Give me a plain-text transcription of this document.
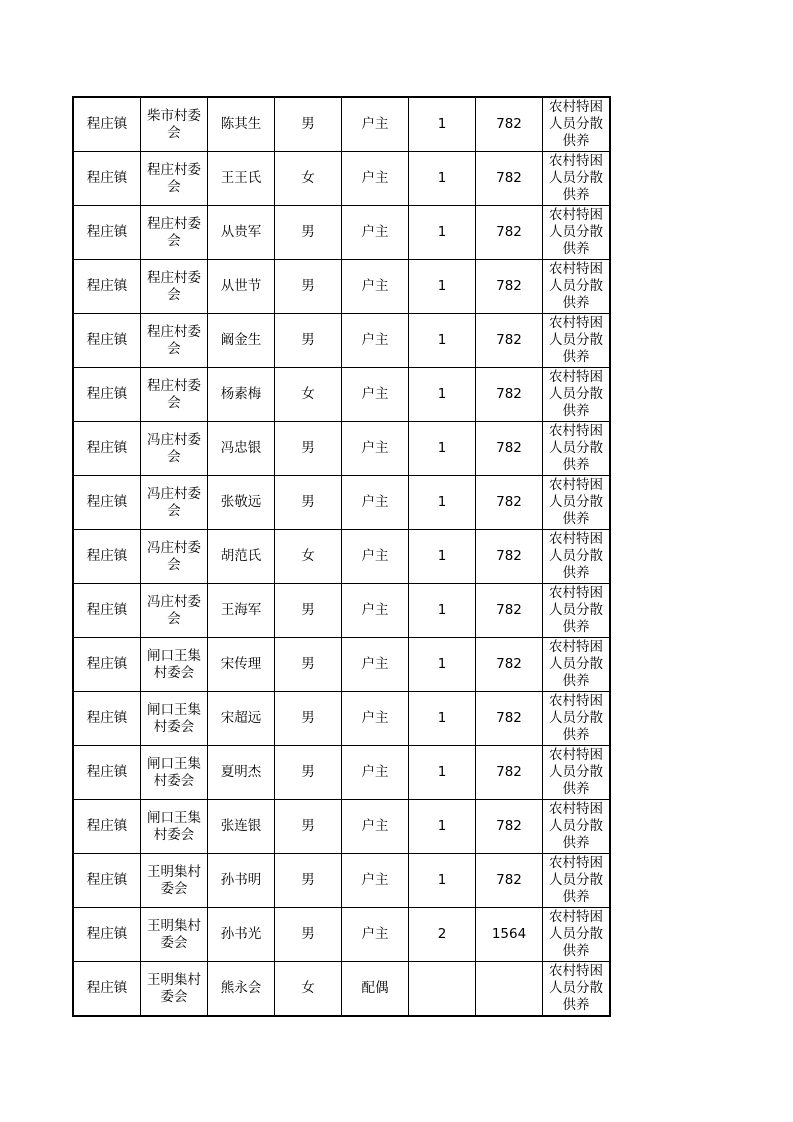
程庄镇	柴市村委会	陈其生	男	户主	1	782	农村特困人员分散供养

程庄镇	程庄村委会	王王氏	女	户主	1	782	农村特困人员分散供养

程庄镇	程庄村委会	从贵军	男	户主	1	782	农村特困人员分散供养

程庄镇	程庄村委会	从世节	男	户主	1	782	农村特困人员分散供养

程庄镇	程庄村委会	阚金生	男	户主	1	782	农村特困人员分散供养

程庄镇	程庄村委会	杨素梅	女	户主	1	782	农村特困人员分散供养

程庄镇	冯庄村委会	冯忠银	男	户主	1	782	农村特困人员分散供养

程庄镇	冯庄村委会	张敬远	男	户主	1	782	农村特困人员分散供养

程庄镇	冯庄村委会	胡范氏	女	户主	1	782	农村特困人员分散供养

程庄镇	冯庄村委会	王海军	男	户主	1	782	农村特困人员分散供养

程庄镇	闸口王集村委会	宋传理	男	户主	1	782	农村特困人员分散供养

程庄镇	闸口王集村委会	宋超远	男	户主	1	782	农村特困人员分散供养

程庄镇	闸口王集村委会	夏明杰	男	户主	1	782	农村特困人员分散供养

程庄镇	闸口王集村委会	张连银	男	户主	1	782	农村特困人员分散供养

程庄镇	王明集村委会	孙书明	男	户主	1	782	农村特困人员分散供养

程庄镇	王明集村委会	孙书光	男	户主	2	1564	农村特困人员分散供养

程庄镇	王明集村委会	熊永会	女	配偶			农村特困人员分散供养
